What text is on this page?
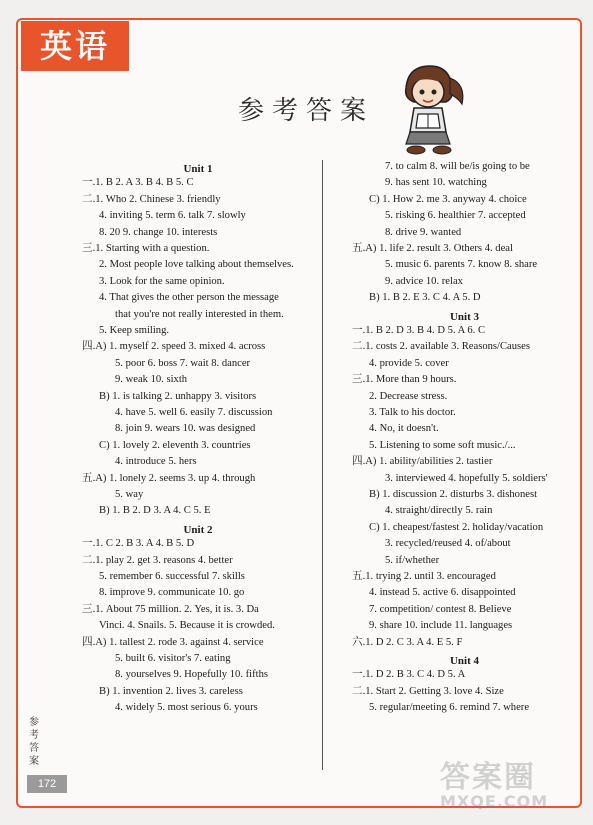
英语
参考答案
Unit 1
一.1. B 2. A 3. B 4. B 5. C
二.1. Who 2. Chinese 3. friendly
4. inviting 5. term 6. talk 7. slowly
8. 20 9. change 10. interests
三.1. Starting with a question.
2. Most people love talking about themselves.
3. Look for the same opinion.
4. That gives the other person the message
that you're not really interested in them.
5. Keep smiling.
四.A) 1. myself 2. speed 3. mixed 4. across
5. poor 6. boss 7. wait 8. dancer
9. weak 10. sixth
B) 1. is talking 2. unhappy 3. visitors
4. have 5. well 6. easily 7. discussion
8. join 9. wears 10. was designed
C) 1. lovely 2. eleventh 3. countries
4. introduce 5. hers
五.A) 1. lonely 2. seems 3. up 4. through
5. way
B) 1. B 2. D 3. A 4. C 5. E
Unit 2
一.1. C 2. B 3. A 4. B 5. D
二.1. play 2. get 3. reasons 4. better
5. remember 6. successful 7. skills
8. improve 9. communicate 10. go
三.1. About 75 million. 2. Yes, it is. 3. Da
Vinci. 4. Snails. 5. Because it is crowded.
四.A) 1. tallest 2. rode 3. against 4. service
5. built 6. visitor's 7. eating
8. yourselves 9. Hopefully 10. fifths
B) 1. invention 2. lives 3. careless
4. widely 5. most serious 6. yours
7. to calm 8. will be/is going to be
9. has sent 10. watching
C) 1. How 2. me 3. anyway 4. choice
5. risking 6. healthier 7. accepted
8. drive 9. wanted
五.A) 1. life 2. result 3. Others 4. deal
5. music 6. parents 7. know 8. share
9. advice 10. relax
B) 1. B 2. E 3. C 4. A 5. D
Unit 3
一.1. B 2. D 3. B 4. D 5. A 6. C
二.1. costs 2. available 3. Reasons/Causes
4. provide 5. cover
三.1. More than 9 hours.
2. Decrease stress.
3. Talk to his doctor.
4. No, it doesn't.
5. Listening to some soft music./...
四.A) 1. ability/abilities 2. tastier
3. interviewed 4. hopefully 5. soldiers'
B) 1. discussion 2. disturbs 3. dishonest
4. straight/directly 5. rain
C) 1. cheapest/fastest 2. holiday/vacation
3. recycled/reused 4. of/about
5. if/whether
五.1. trying 2. until 3. encouraged
4. instead 5. active 6. disappointed
7. competition/ contest 8. Believe
9. share 10. include 11. languages
六.1. D 2. C 3. A 4. E 5. F
Unit 4
一.1. D 2. B 3. C 4. D 5. A
二.1. Start 2. Getting 3. love 4. Size
5. regular/meeting 6. remind 7. where
参考答案
172	答案圈
MXQE.COM
